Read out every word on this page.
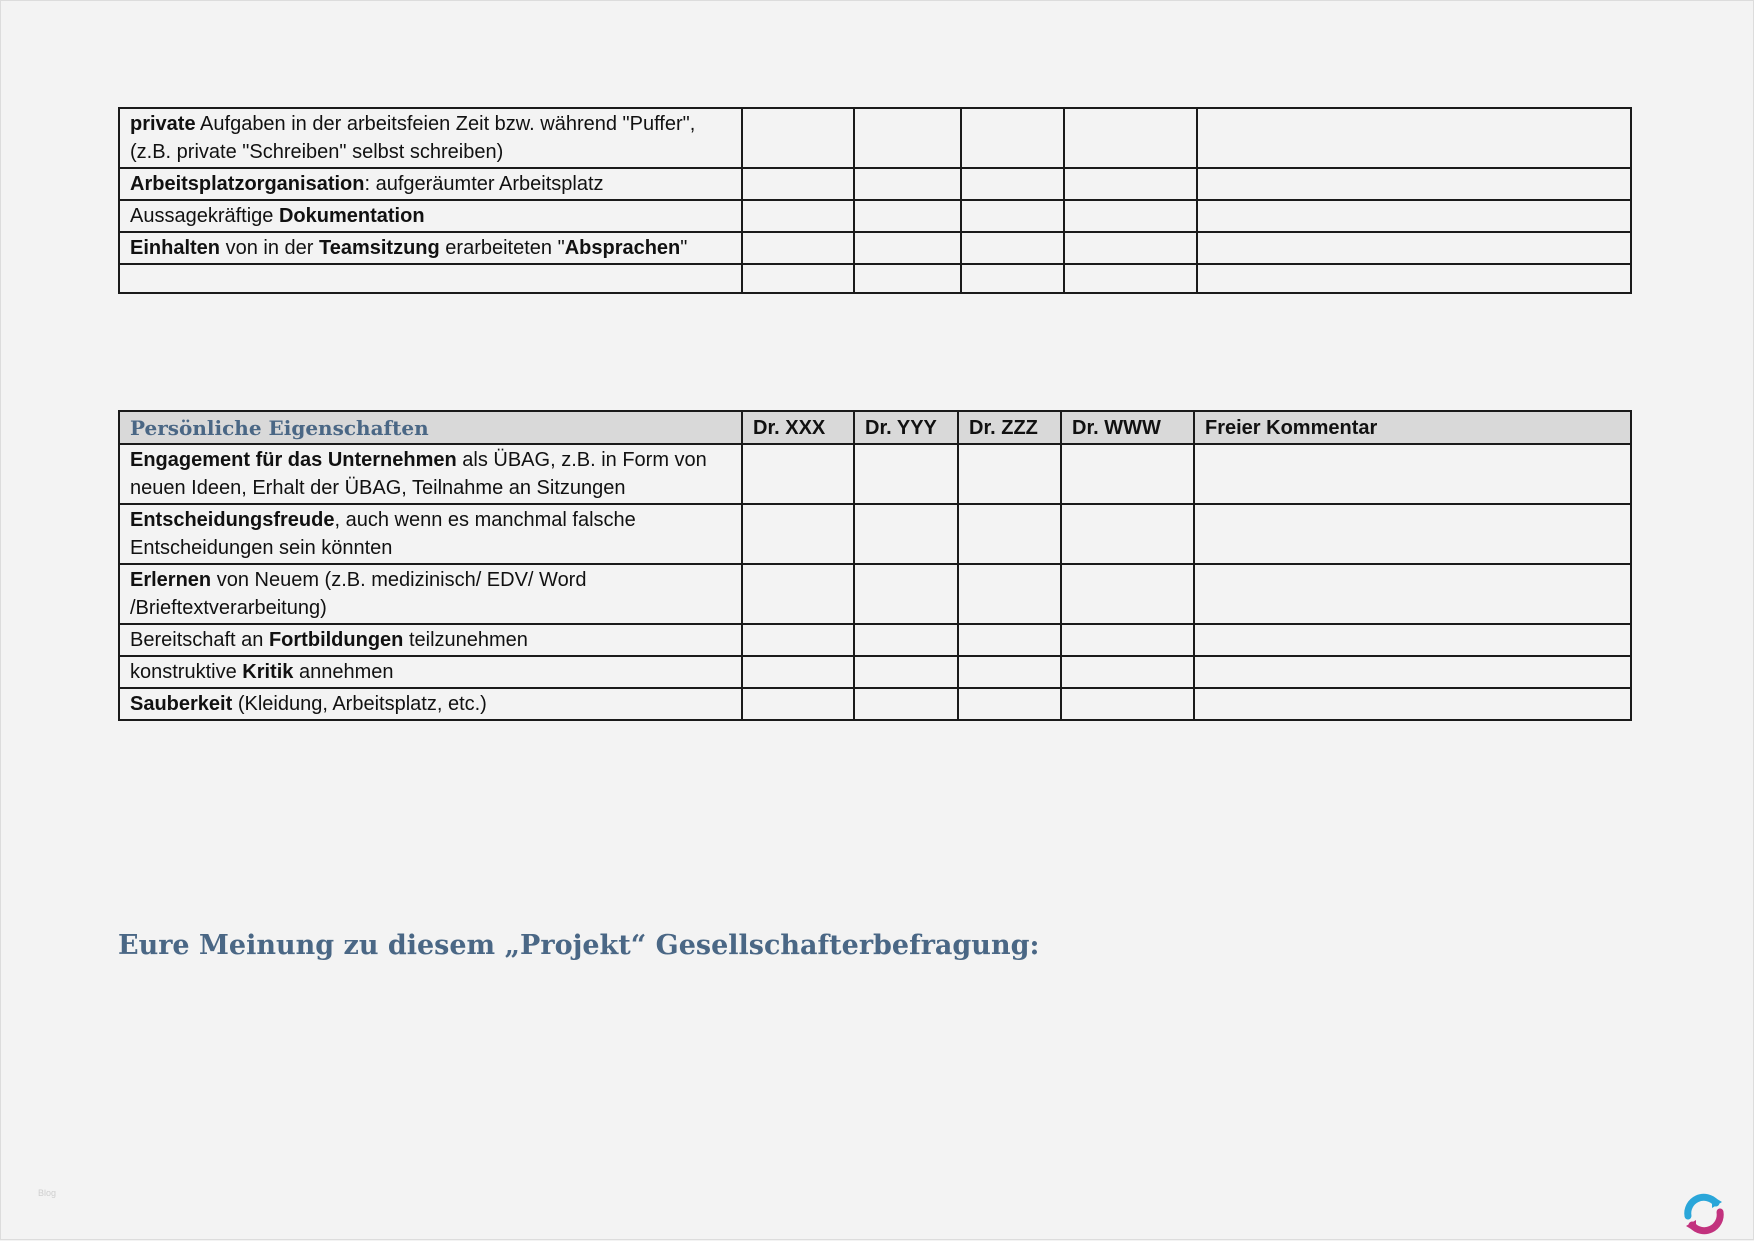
private Aufgaben in der arbeitsfeien Zeit bzw. während "Puffer", (z.B. private "Schreiben" selbst schreiben)					
Arbeitsplatzorganisation: aufgeräumter Arbeitsplatz					
Aussagekräftige Dokumentation					
Einhalten von in der Teamsitzung erarbeiteten "Absprachen"					

Persönliche Eigenschaften	Dr. XXX	Dr. YYY	Dr. ZZZ	Dr. WWW	Freier Kommentar
Engagement für das Unternehmen als ÜBAG, z.B. in Form von neuen Ideen, Erhalt der ÜBAG, Teilnahme an Sitzungen					
Entscheidungsfreude, auch wenn es manchmal falsche Entscheidungen sein könnten					
Erlernen von Neuem (z.B. medizinisch/ EDV/ Word /Brieftextverarbeitung)					
Bereitschaft an Fortbildungen teilzunehmen					
konstruktive Kritik annehmen					
Sauberkeit (Kleidung, Arbeitsplatz, etc.)					
Eure Meinung zu diesem „Projekt“ Gesellschafterbefragung:
Blog
